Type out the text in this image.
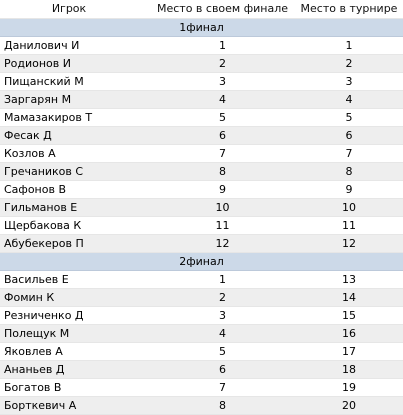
Игрок	Место в своем финале	Место в турнире
1финал		
Данилович И	1	1
Родионов И	2	2
Пищанский М	3	3
Заргарян М	4	4
Мамазакиров Т	5	5
Фесак Д	6	6
Козлов А	7	7
Гречаников С	8	8
Сафонов В	9	9
Гильманов Е	10	10
Щербакова К	11	11
Абубекеров П	12	12
2финал		
Васильев Е	1	13
Фомин К	2	14
Резниченко Д	3	15
Полещук М	4	16
Яковлев А	5	17
Ананьев Д	6	18
Богатов В	7	19
Борткевич А	8	20
